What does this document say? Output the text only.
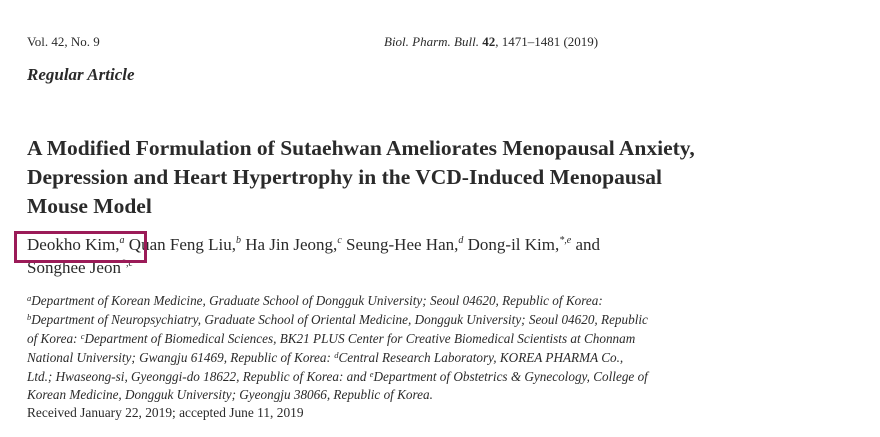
Vol. 42, No. 9	Biol. Pharm. Bull. 42, 1471–1481 (2019)
Regular Article
A Modified Formulation of Sutaehwan Ameliorates Menopausal Anxiety,
Depression and Heart Hypertrophy in the VCD-Induced Menopausal
Mouse Model
Deokho Kim,$^a$ Quan Feng Liu,$^b$ Ha Jin Jeong,$^c$ Seung-Hee Han,$^d$ Dong-il Kim,$^{*,e}$ and
Songhee Jeon$^{*,c}$
$^a$Department of Korean Medicine, Graduate School of Dongguk University; Seoul 04620, Republic of Korea:
$^b$Department of Neuropsychiatry, Graduate School of Oriental Medicine, Dongguk University; Seoul 04620, Republic
of Korea: $^c$Department of Biomedical Sciences, BK21 PLUS Center for Creative Biomedical Scientists at Chonnam
National University; Gwangju 61469, Republic of Korea: $^d$Central Research Laboratory, KOREA PHARMA Co.,
Ltd.; Hwaseong-si, Gyeonggi-do 18622, Republic of Korea: and $^e$Department of Obstetrics & Gynecology, College of
Korean Medicine, Dongguk University; Gyeongju 38066, Republic of Korea.
Received January 22, 2019; accepted June 11, 2019
